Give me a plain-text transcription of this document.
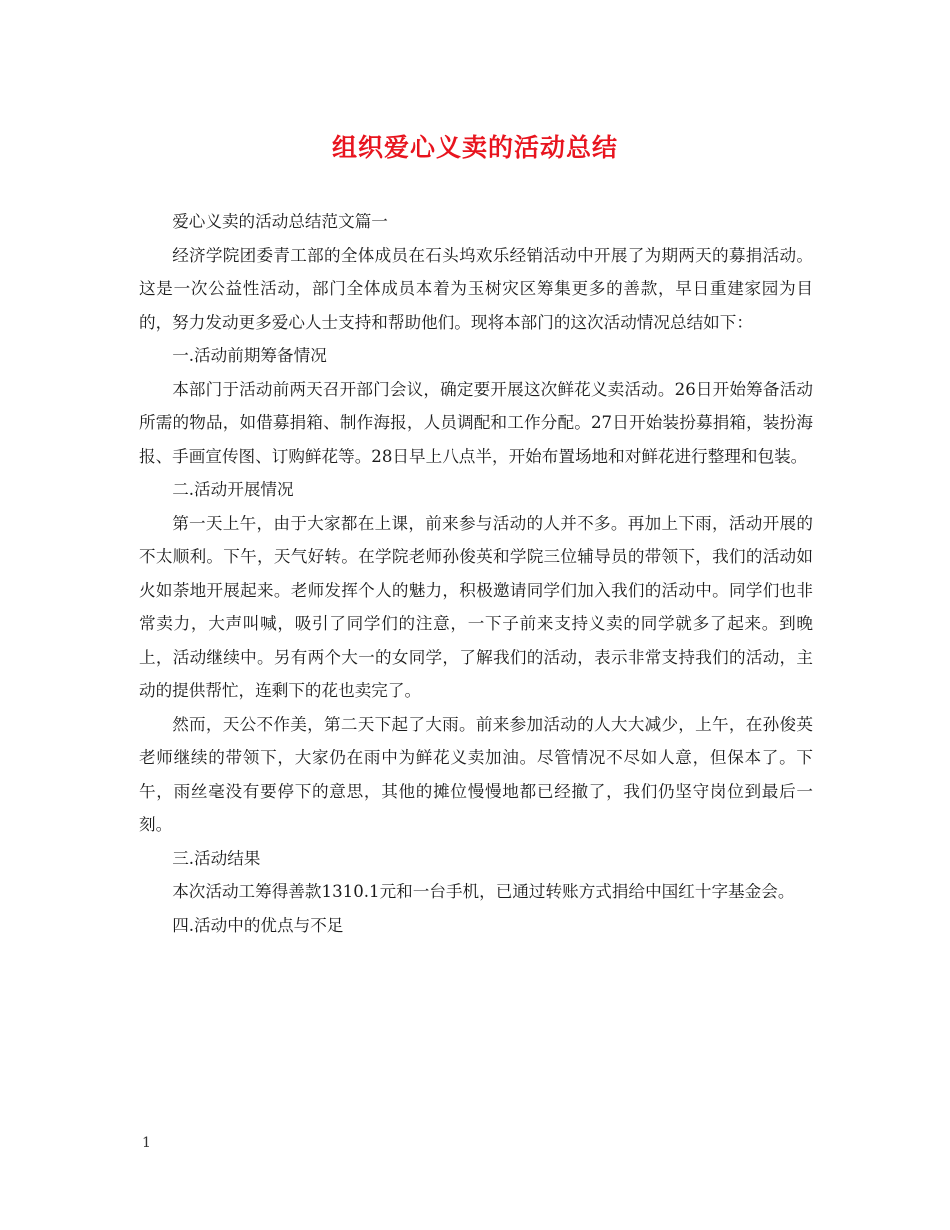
组织爱心义卖的活动总结

爱心义卖的活动总结范文篇一

经济学院团委青工部的全体成员在石头坞欢乐经销活动中开展了为期两天的募捐活动。这是一次公益性活动，部门全体成员本着为玉树灾区筹集更多的善款，早日重建家园为目的，努力发动更多爱心人士支持和帮助他们。现将本部门的这次活动情况总结如下：

一.活动前期筹备情况

本部门于活动前两天召开部门会议，确定要开展这次鲜花义卖活动。26日开始筹备活动所需的物品，如借募捐箱、制作海报，人员调配和工作分配。27日开始装扮募捐箱，装扮海报、手画宣传图、订购鲜花等。28日早上八点半，开始布置场地和对鲜花进行整理和包装。

二.活动开展情况

第一天上午，由于大家都在上课，前来参与活动的人并不多。再加上下雨，活动开展的不太顺利。下午，天气好转。在学院老师孙俊英和学院三位辅导员的带领下，我们的活动如火如荼地开展起来。老师发挥个人的魅力，积极邀请同学们加入我们的活动中。同学们也非常卖力，大声叫喊，吸引了同学们的注意，一下子前来支持义卖的同学就多了起来。到晚上，活动继续中。另有两个大一的女同学，了解我们的活动，表示非常支持我们的活动，主动的提供帮忙，连剩下的花也卖完了。

然而，天公不作美，第二天下起了大雨。前来参加活动的人大大减少，上午，在孙俊英老师继续的带领下，大家仍在雨中为鲜花义卖加油。尽管情况不尽如人意，但保本了。下午，雨丝毫没有要停下的意思，其他的摊位慢慢地都已经撤了，我们仍坚守岗位到最后一刻。

三.活动结果

本次活动工筹得善款1310.1元和一台手机，已通过转账方式捐给中国红十字基金会。

四.活动中的优点与不足

1
